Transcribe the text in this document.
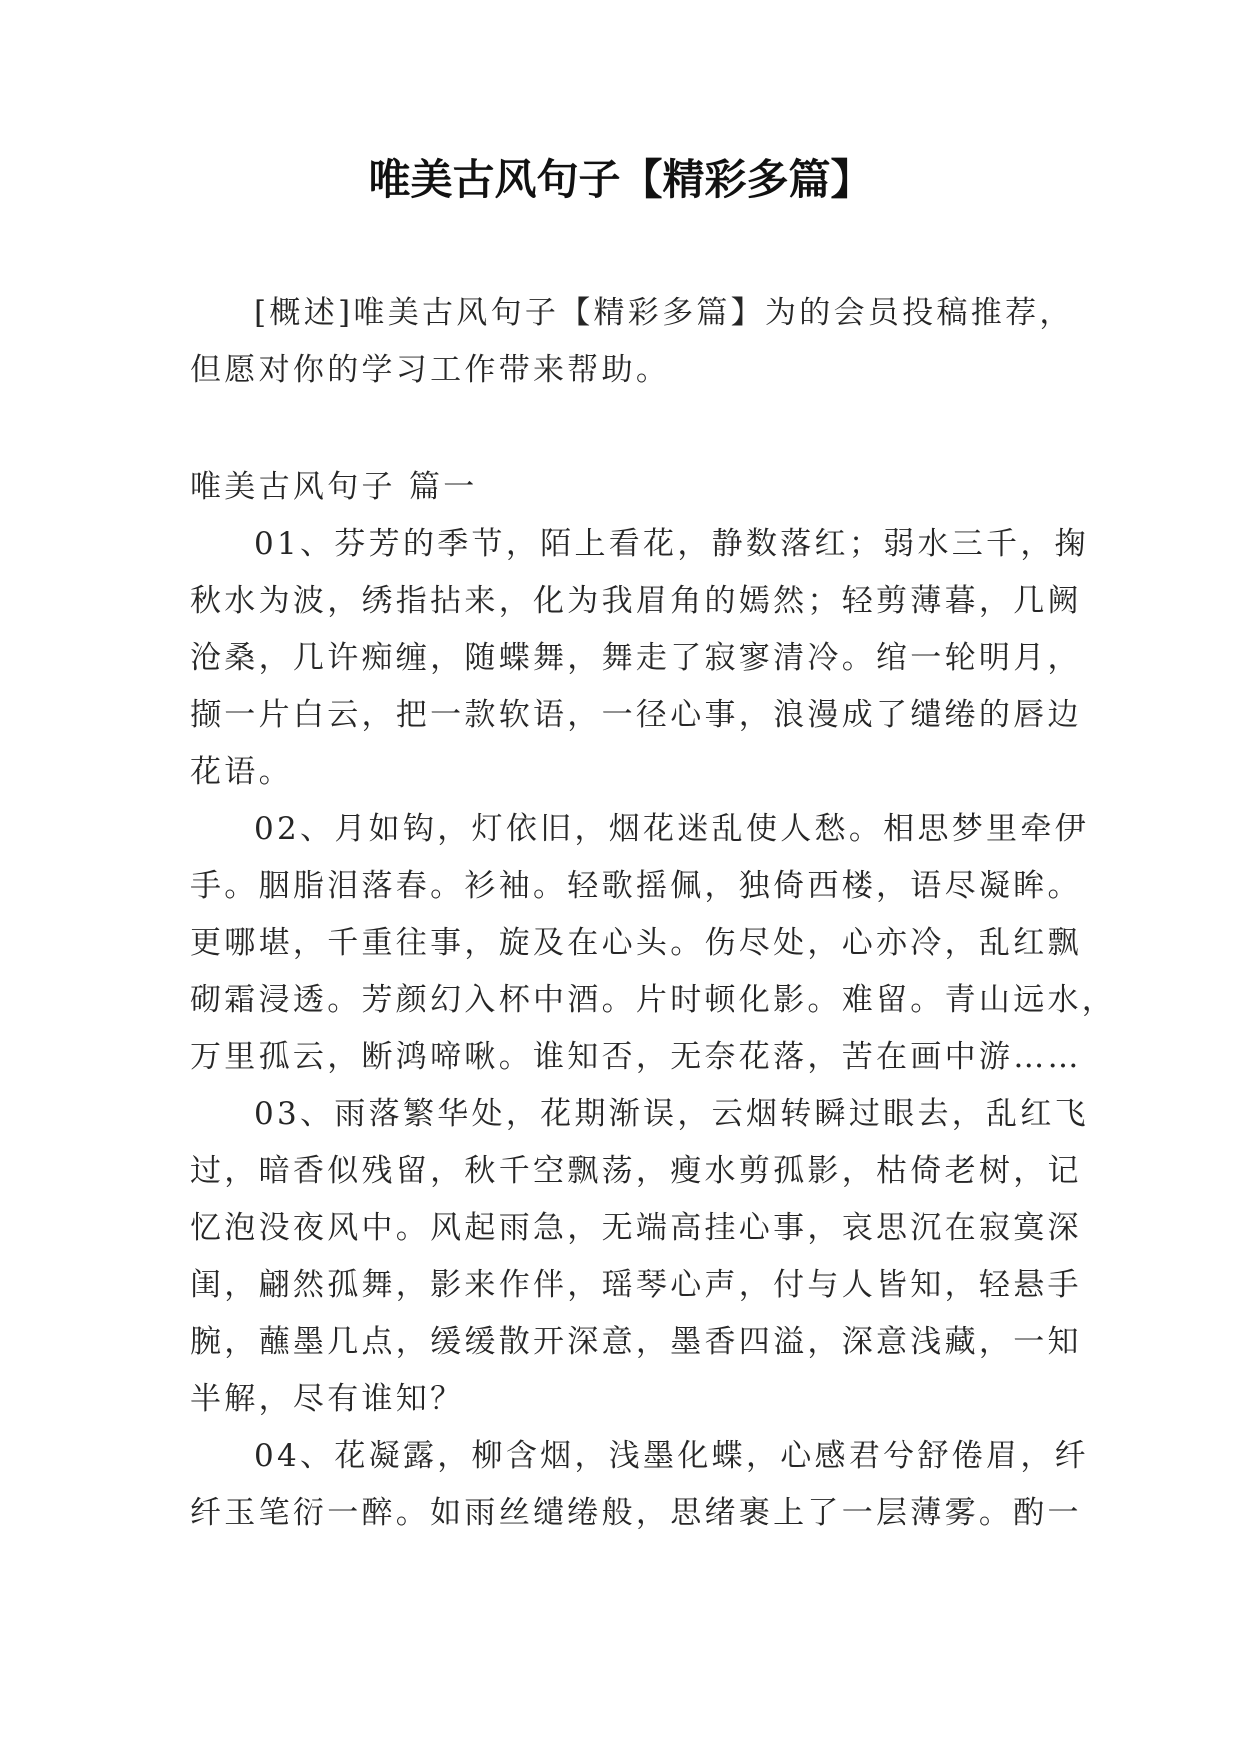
唯美古风句子【精彩多篇】
[概述]唯美古风句子【精彩多篇】为的会员投稿推荐，
但愿对你的学习工作带来帮助。
唯美古风句子 篇一
01、芬芳的季节，陌上看花，静数落红；弱水三千，掬
秋水为波，绣指拈来，化为我眉角的嫣然；轻剪薄暮，几阙
沧桑，几许痴缠，随蝶舞，舞走了寂寥清冷。绾一轮明月，
撷一片白云，把一款软语，一径心事，浪漫成了缱绻的唇边
花语。
02、月如钩，灯依旧，烟花迷乱使人愁。相思梦里牵伊
手。胭脂泪落春。衫袖。轻歌摇佩，独倚西楼，语尽凝眸。
更哪堪，千重往事，旋及在心头。伤尽处，心亦冷，乱红飘
砌霜浸透。芳颜幻入杯中酒。片时顿化影。难留。青山远水，
万里孤云，断鸿啼啾。谁知否，无奈花落，苦在画中游……
03、雨落繁华处，花期渐误，云烟转瞬过眼去，乱红飞
过，暗香似残留，秋千空飘荡，瘦水剪孤影，枯倚老树，记
忆泡没夜风中。风起雨急，无端高挂心事，哀思沉在寂寞深
闺，翩然孤舞，影来作伴，瑶琴心声，付与人皆知，轻悬手
腕，蘸墨几点，缓缓散开深意，墨香四溢，深意浅藏，一知
半解，尽有谁知？
04、花凝露，柳含烟，浅墨化蝶，心感君兮舒倦眉，纤
纤玉笔衍一醉。如雨丝缱绻般，思绪裹上了一层薄雾。酌一
